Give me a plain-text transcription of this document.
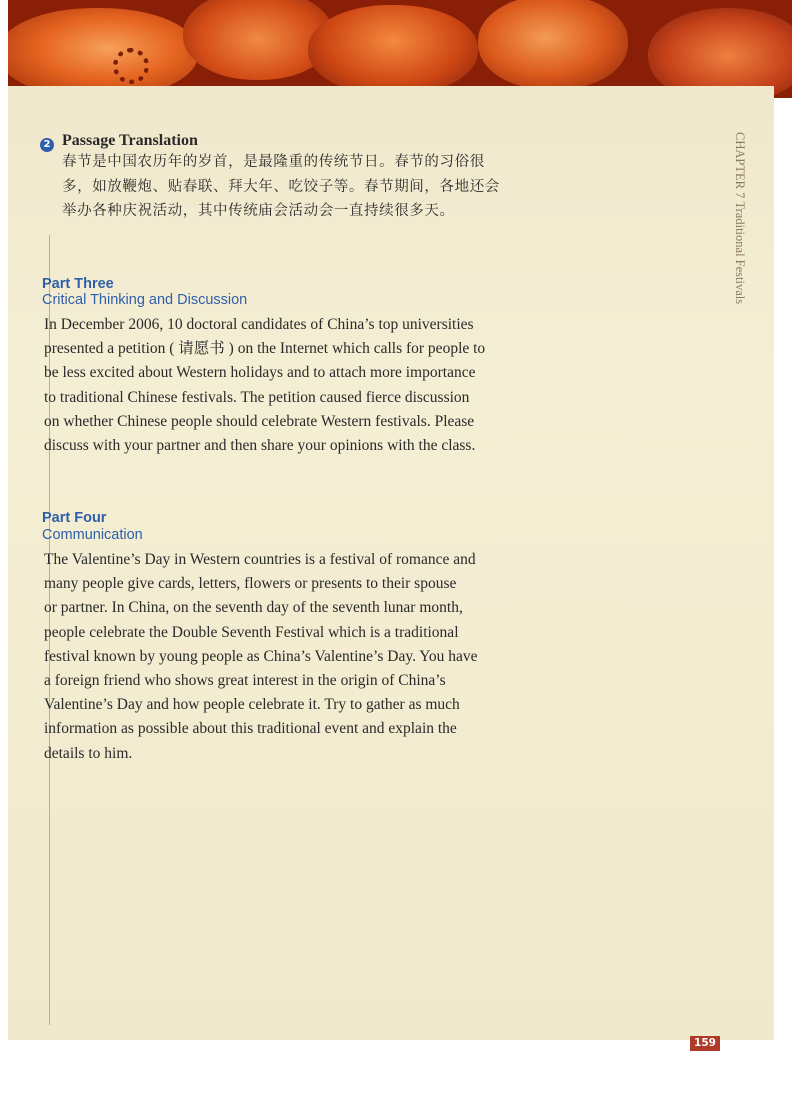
2 Passage Translation
春节是中国农历年的岁首，是最隆重的传统节日。春节的习俗很
多，如放鞭炮、贴春联、拜大年、吃饺子等。春节期间，各地还会
举办各种庆祝活动，其中传统庙会活动会一直持续很多天。
Part Three
Critical Thinking and Discussion
In December 2006, 10 doctoral candidates of China’s top universities
presented a petition ( 请愿书 ) on the Internet which calls for people to
be less excited about Western holidays and to attach more importance
to traditional Chinese festivals. The petition caused fierce discussion
on whether Chinese people should celebrate Western festivals. Please
discuss with your partner and then share your opinions with the class.
Part Four
Communication
The Valentine’s Day in Western countries is a festival of romance and
many people give cards, letters, flowers or presents to their spouse
or partner. In China, on the seventh day of the seventh lunar month,
people celebrate the Double Seventh Festival which is a traditional
festival known by young people as China’s Valentine’s Day. You have
a foreign friend who shows great interest in the origin of China’s
Valentine’s Day and how people celebrate it. Try to gather as much
information as possible about this traditional event and explain the
details to him.
CHAPTER 7 Traditional Festivals
159
